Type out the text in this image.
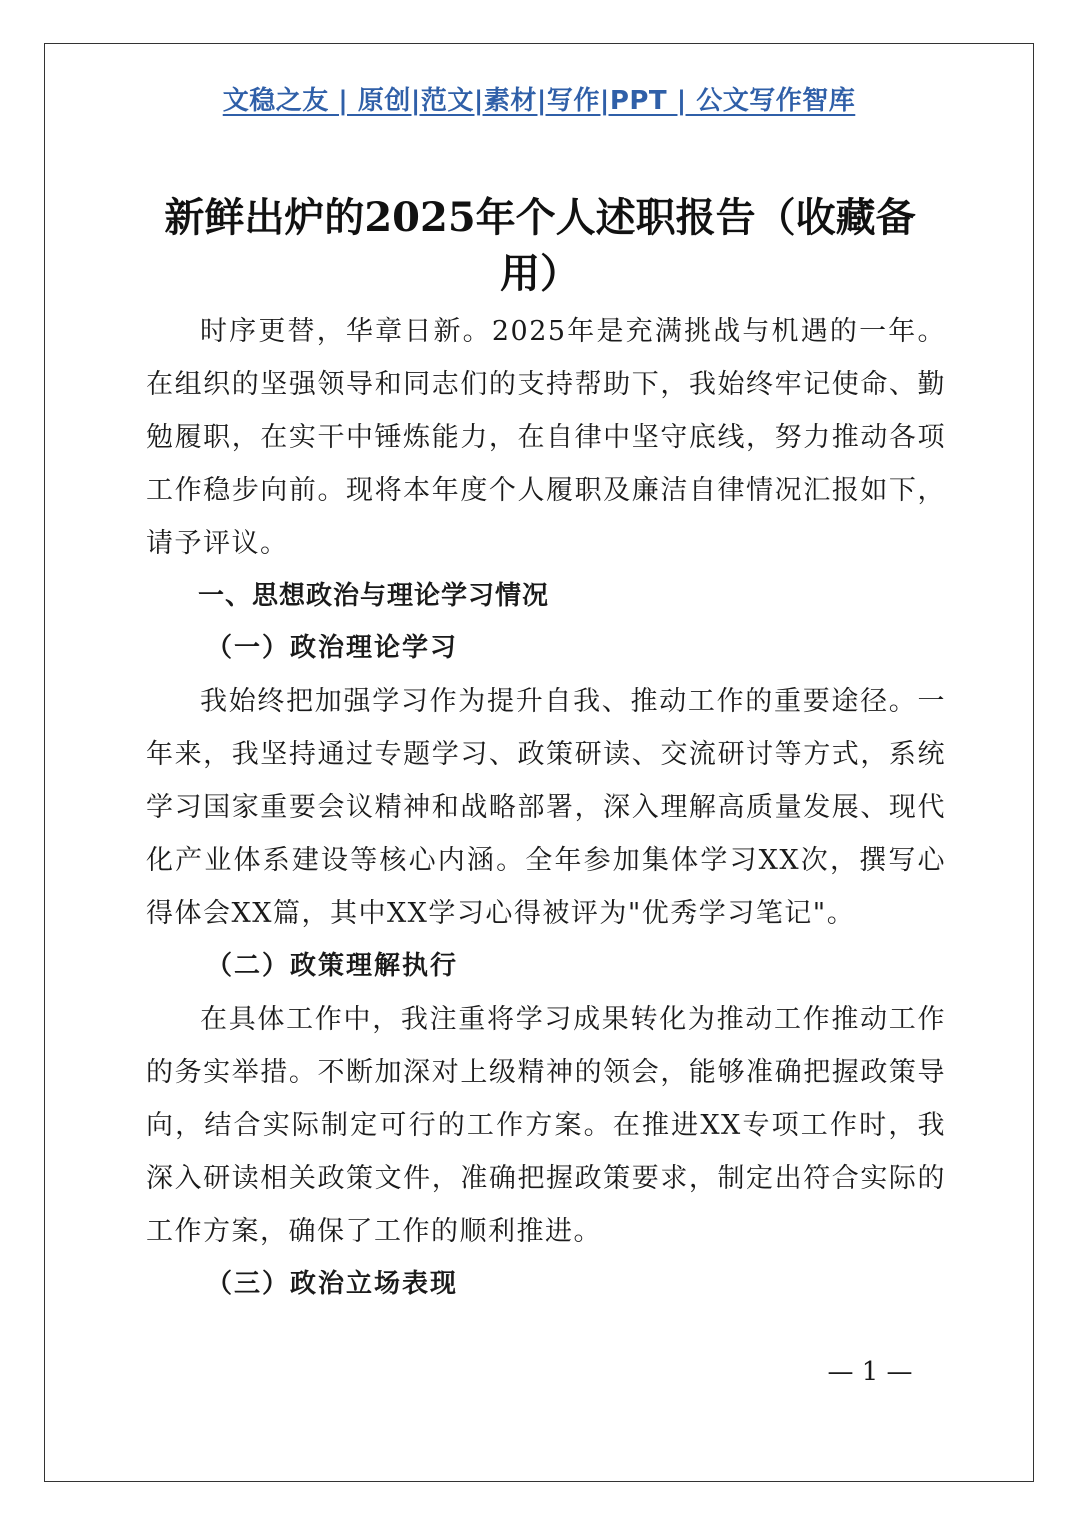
文稳之友 | 原创|范文|素材|写作|PPT | 公文写作智库
新鲜出炉的2025年个人述职报告（收藏备用）

时序更替，华章日新。2025年是充满挑战与机遇的一年。在组织的坚强领导和同志们的支持帮助下，我始终牢记使命、勤勉履职，在实干中锤炼能力，在自律中坚守底线，努力推动各项工作稳步向前。现将本年度个人履职及廉洁自律情况汇报如下，请予评议。

一、思想政治与理论学习情况

（一）政治理论学习

我始终把加强学习作为提升自我、推动工作的重要途径。一年来，我坚持通过专题学习、政策研读、交流研讨等方式，系统学习国家重要会议精神和战略部署，深入理解高质量发展、现代化产业体系建设等核心内涵。全年参加集体学习XX次，撰写心得体会XX篇，其中XX学习心得被评为"优秀学习笔记"。

（二）政策理解执行

在具体工作中，我注重将学习成果转化为推动工作推动工作的务实举措。不断加深对上级精神的领会，能够准确把握政策导向，结合实际制定可行的工作方案。在推进XX专项工作时，我深入研读相关政策文件，准确把握政策要求，制定出符合实际的工作方案，确保了工作的顺利推进。

（三）政治立场表现

— 1 —
